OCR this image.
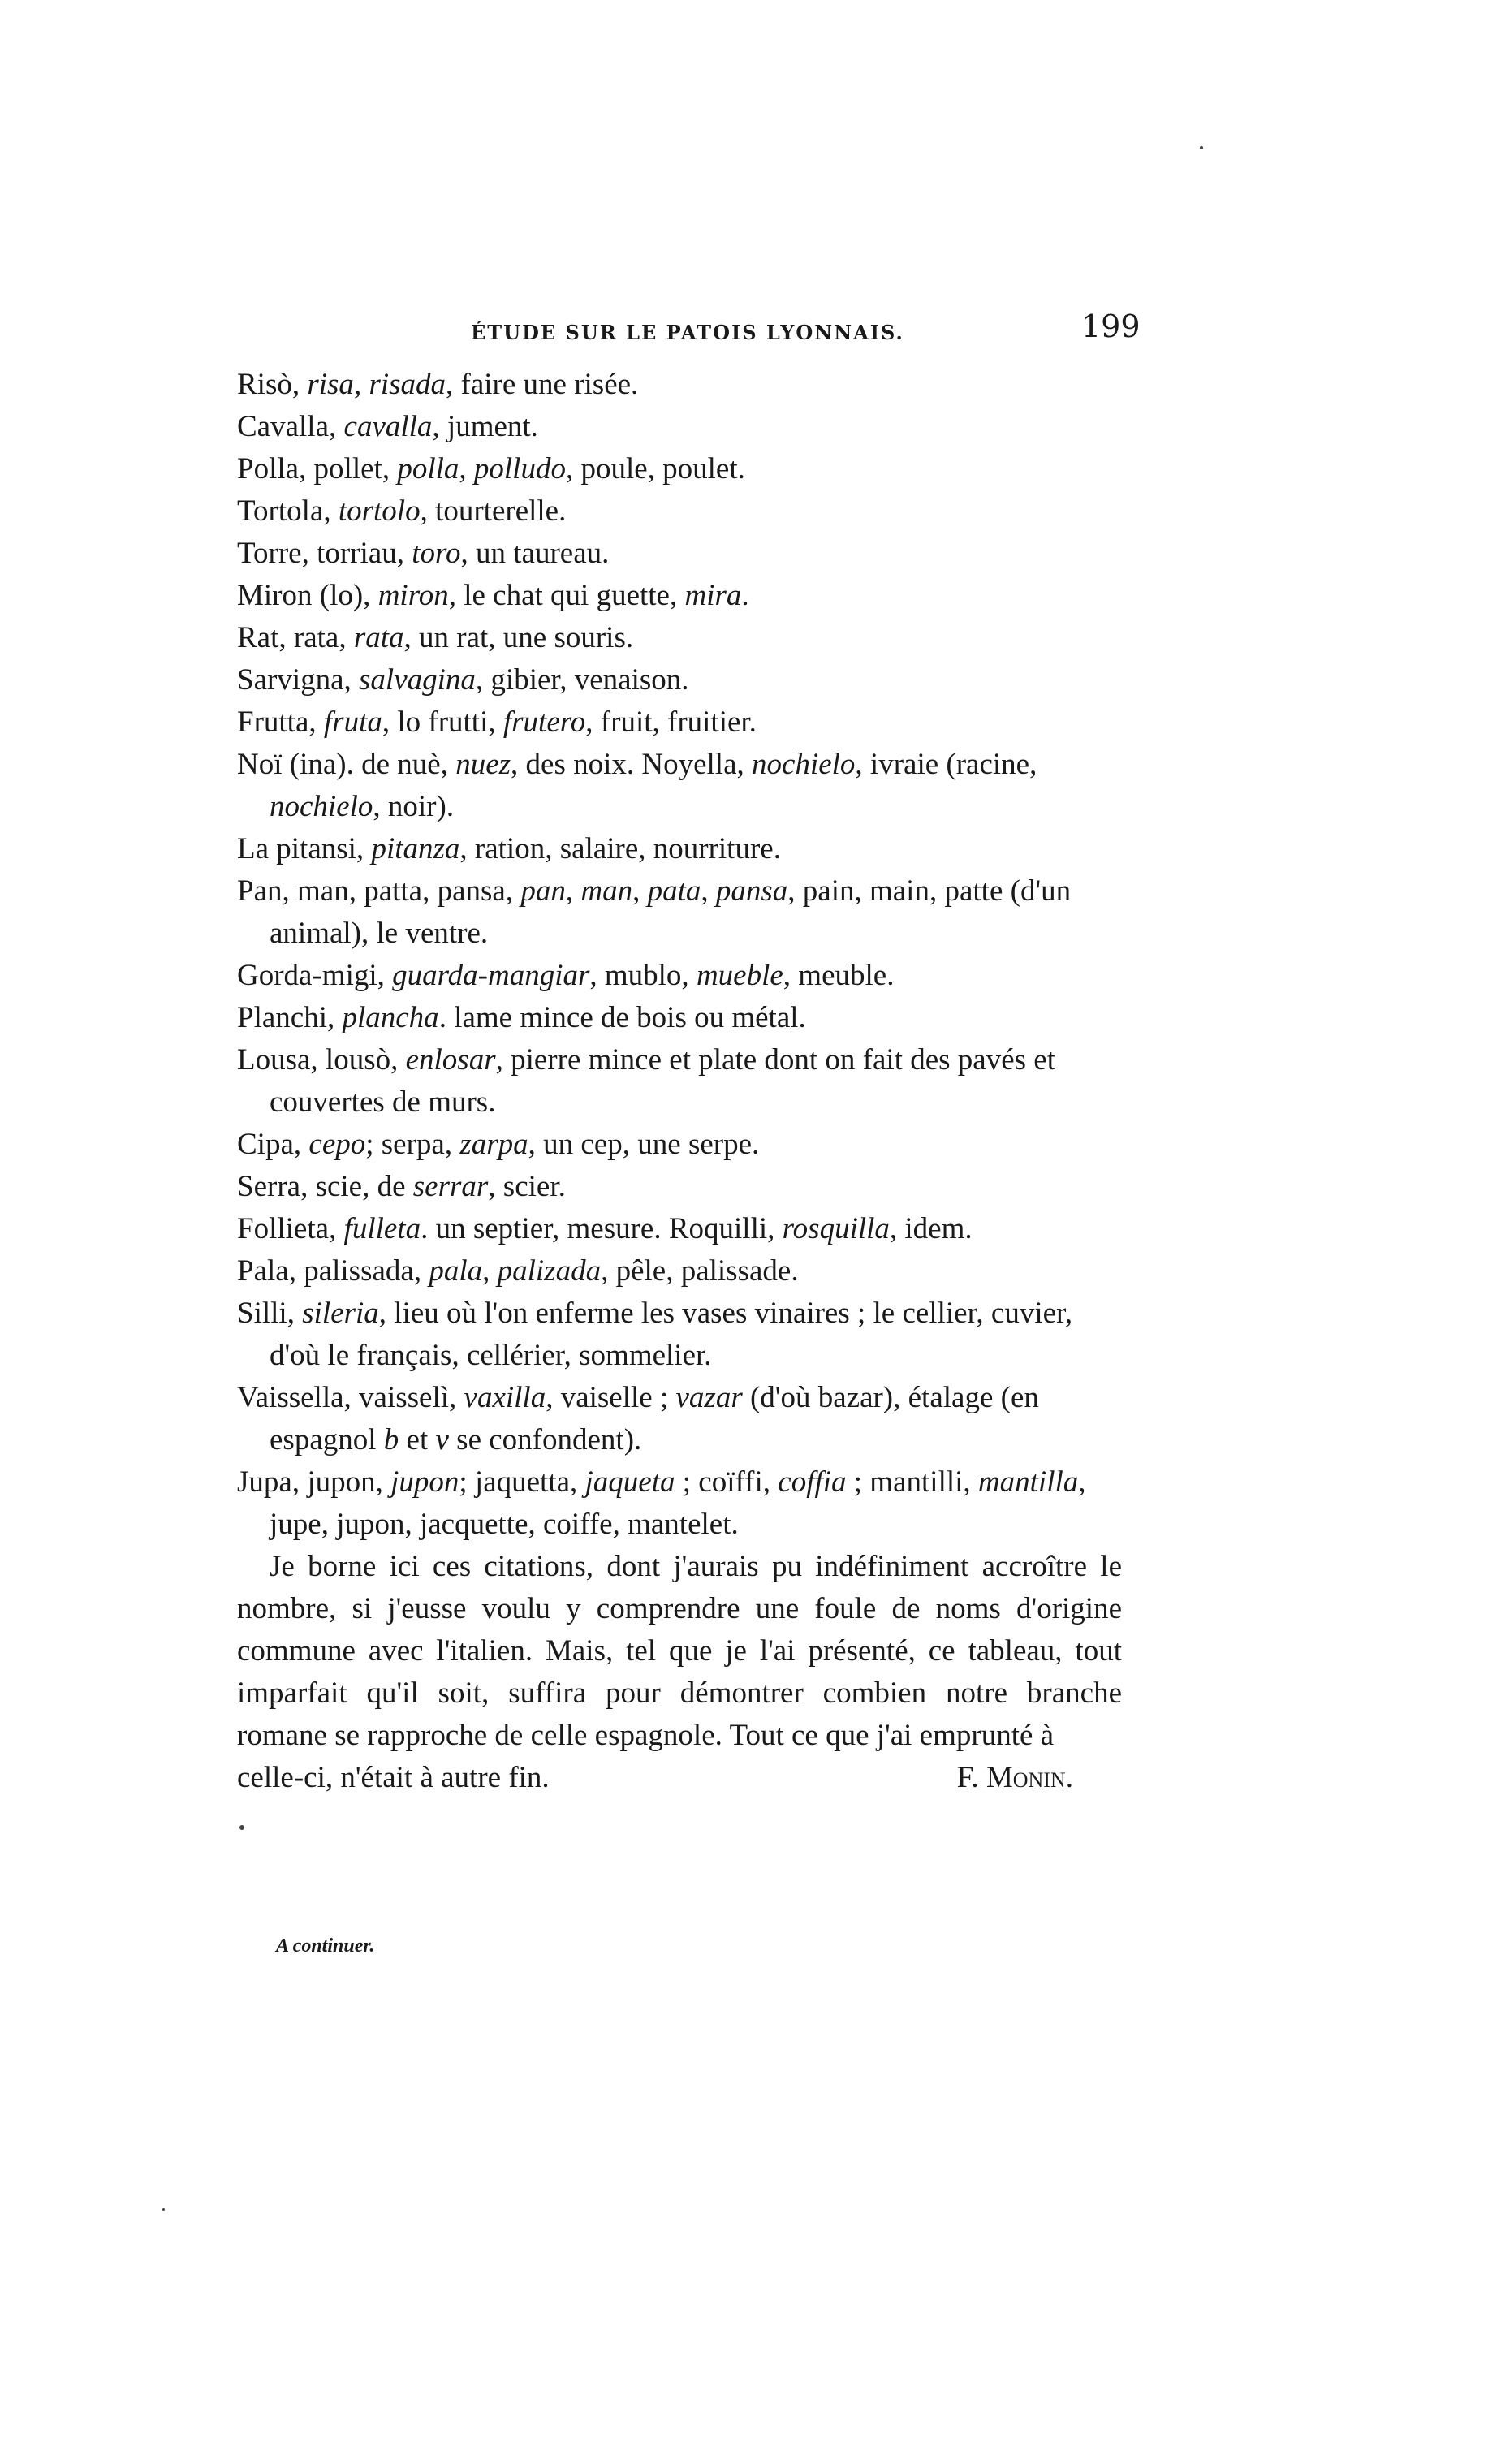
ÉTUDE SUR LE PATOIS LYONNAIS.	199

Risò, risa, risada, faire une risée.

Cavalla, cavalla, jument.

Polla, pollet, polla, polludo, poule, poulet.

Tortola, tortolo, tourterelle.

Torre, torriau, toro, un taureau.

Miron (lo), miron, le chat qui guette, mira.

Rat, rata, rata, un rat, une souris.

Sarvigna, salvagina, gibier, venaison.

Frutta, fruta, lo frutti, frutero, fruit, fruitier.

Noï (ina). de nuè, nuez, des noix. Noyella, nochielo, ivraie (racine, nochielo, noir).

La pitansi, pitanza, ration, salaire, nourriture.

Pan, man, patta, pansa, pan, man, pata, pansa, pain, main, patte (d'un animal), le ventre.

Gorda-migi, guarda-mangiar, mublo, mueble, meuble.

Planchi, plancha. lame mince de bois ou métal.

Lousa, lousò, enlosar, pierre mince et plate dont on fait des pavés et couvertes de murs.

Cipa, cepo; serpa, zarpa, un cep, une serpe.

Serra, scie, de serrar, scier.

Follieta, fulleta. un septier, mesure. Roquilli, rosquilla, idem.

Pala, palissada, pala, palizada, pêle, palissade.

Silli, sileria, lieu où l'on enferme les vases vinaires ; le cellier, cuvier, d'où le français, cellérier, sommelier.

Vaissella, vaisselì, vaxilla, vaiselle ; vazar (d'où bazar), étalage (en espagnol b et v se confondent).

Jupa, jupon, jupon; jaquetta, jaqueta ; coïffi, coffia ; mantilli, mantilla, jupe, jupon, jacquette, coiffe, mantelet.

Je borne ici ces citations, dont j'aurais pu indéfiniment accroître le nombre, si j'eusse voulu y comprendre une foule de noms d'origine commune avec l'italien. Mais, tel que je l'ai présenté, ce tableau, tout imparfait qu'il soit, suffira pour démontrer combien notre branche romane se rapproche de celle espagnole. Tout ce que j'ai emprunté à

celle-ci, n'était à autre fin.	F. Monin.
A continuer.
